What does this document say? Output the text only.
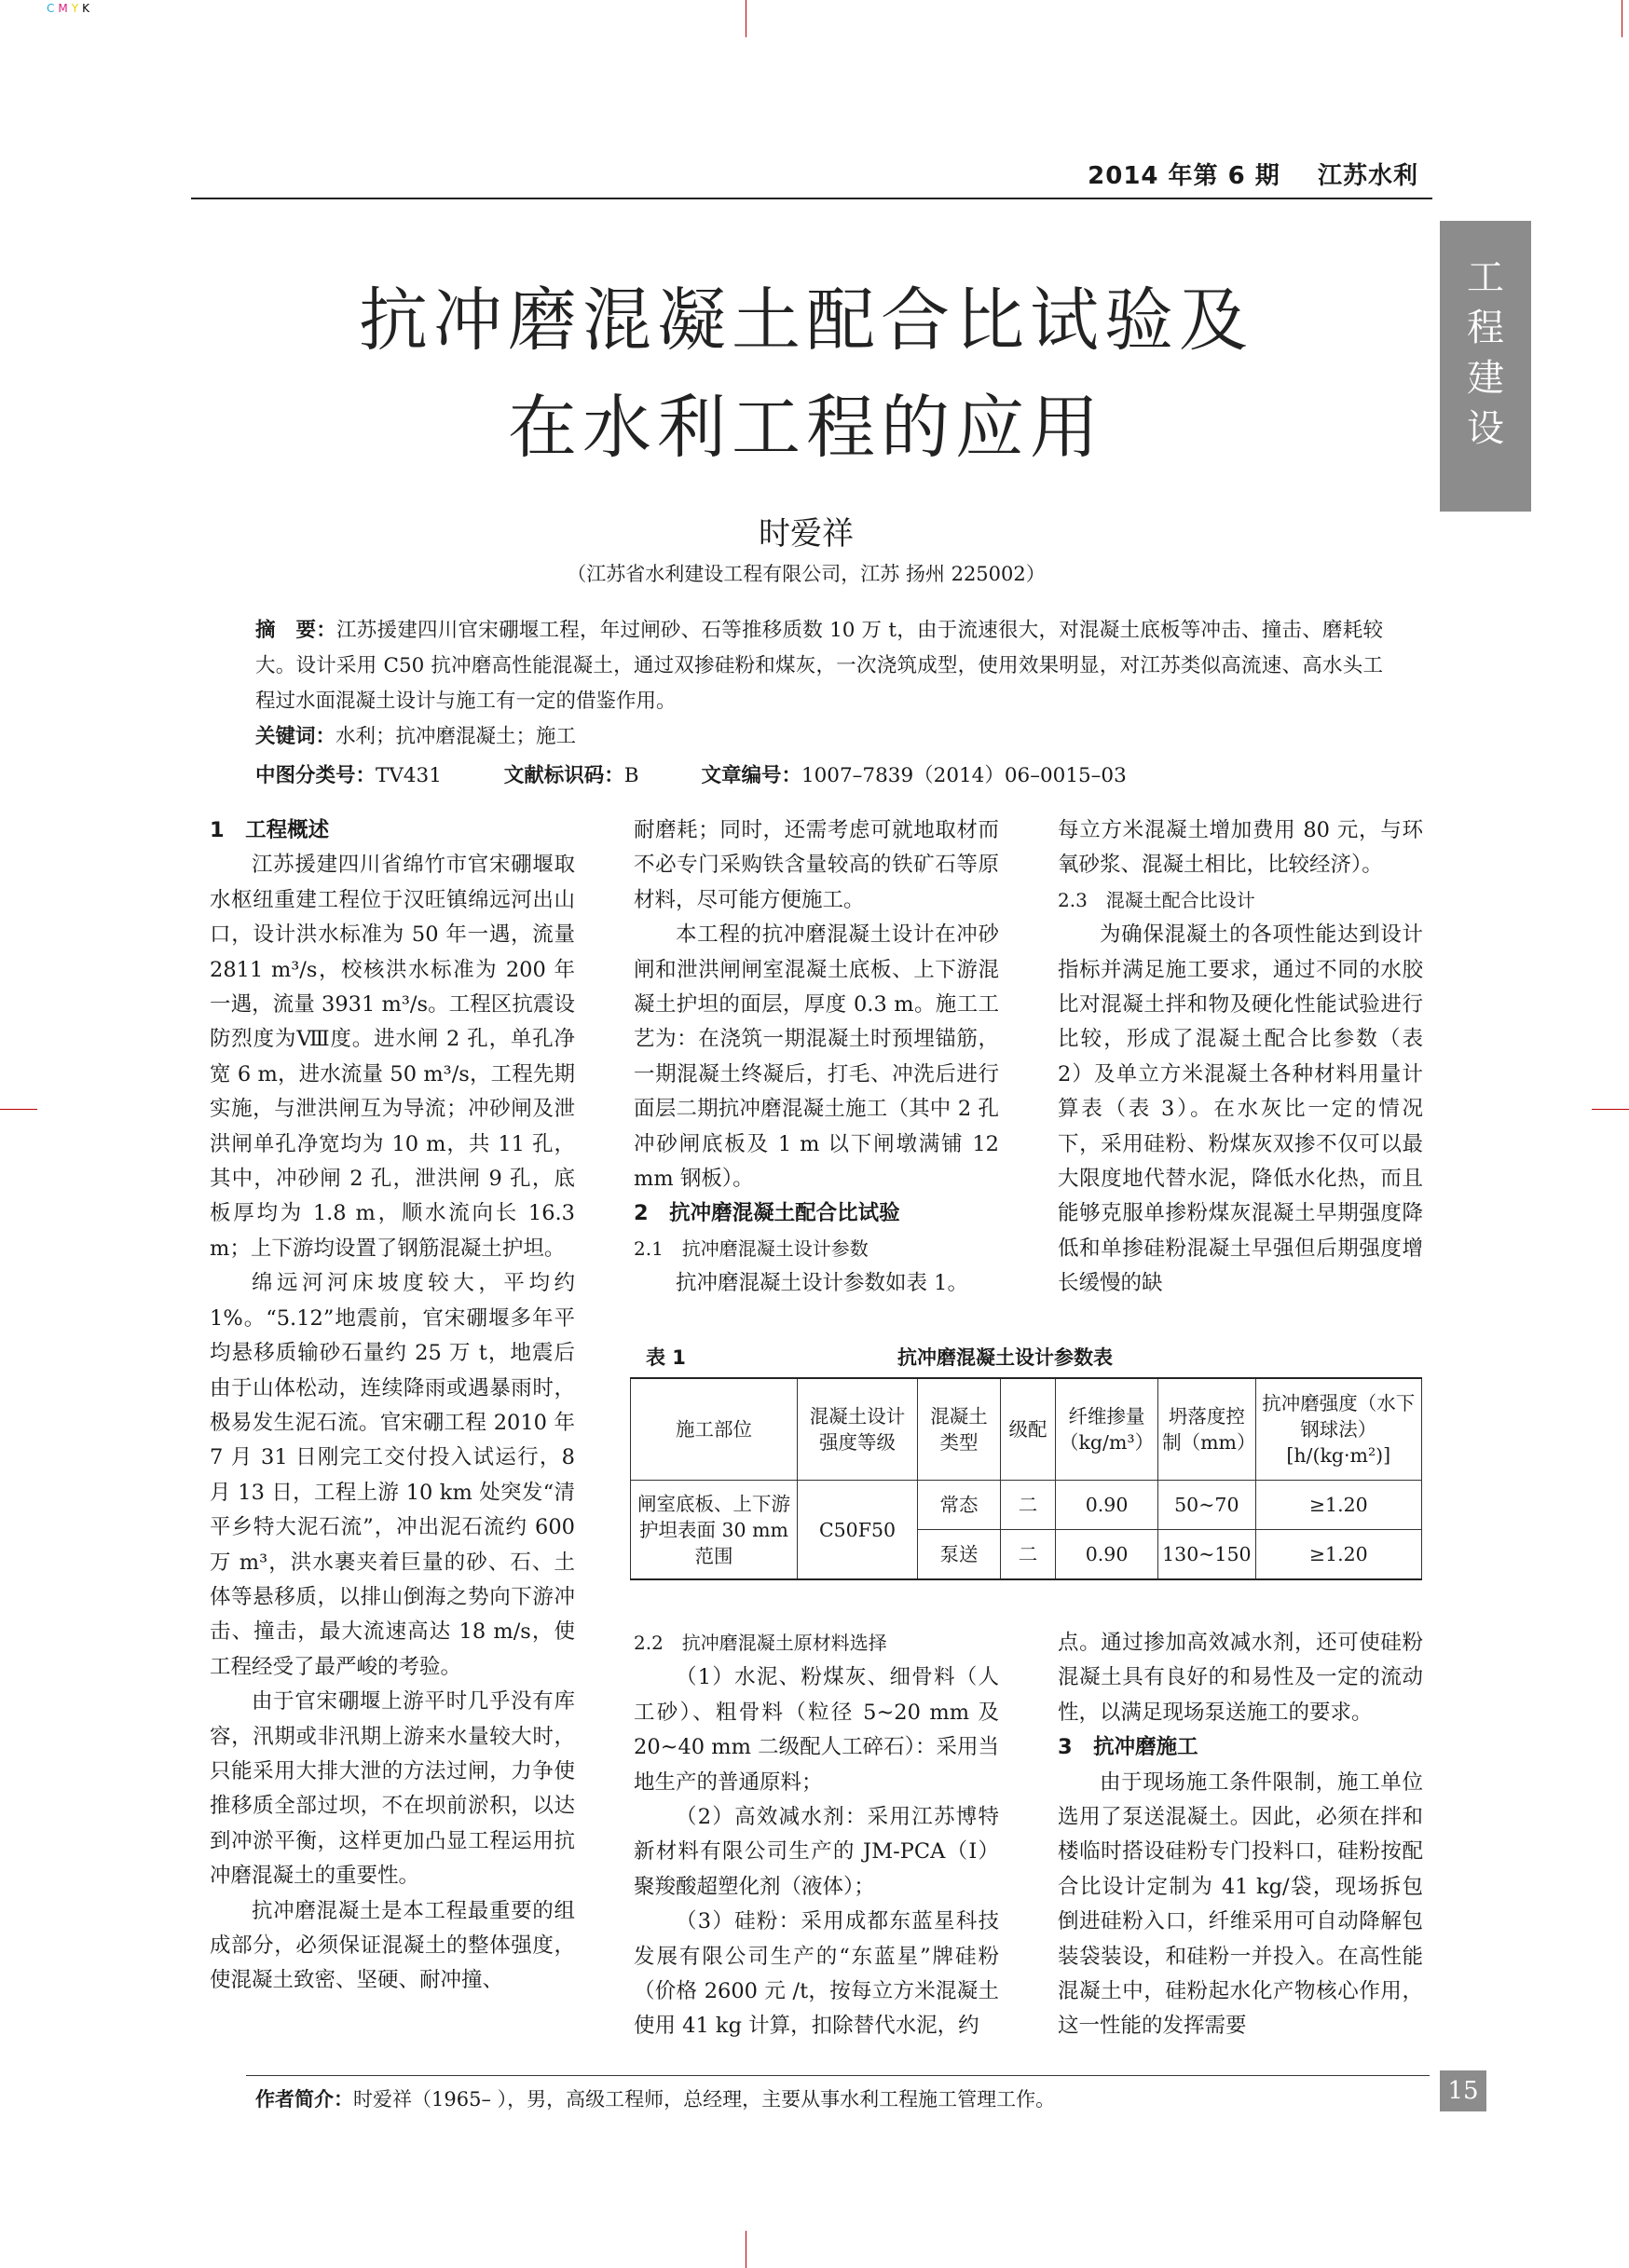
CMYK
2014 年第 6 期 江苏水利
工
程
建
设
抗冲磨混凝土配合比试验及
在水利工程的应用
时爱祥
（江苏省水利建设工程有限公司，江苏 扬州 225002）
摘　要：江苏援建四川官宋硼堰工程，年过闸砂、石等推移质数 10 万 t，由于流速很大，对混凝土底板等冲击、撞击、磨耗较大。设计采用 C50 抗冲磨高性能混凝土，通过双掺硅粉和煤灰，一次浇筑成型，使用效果明显，对江苏类似高流速、高水头工程过水面混凝土设计与施工有一定的借鉴作用。
关键词：水利；抗冲磨混凝土；施工
中图分类号：TV431	文献标识码：B	文章编号：1007–7839（2014）06–0015–03

1　工程概述

江苏援建四川省绵竹市官宋硼堰取水枢纽重建工程位于汉旺镇绵远河出山口，设计洪水标准为 50 年一遇，流量 2811 m³/s，校核洪水标准为 200 年一遇，流量 3931 m³/s。工程区抗震设防烈度为Ⅷ度。进水闸 2 孔，单孔净宽 6 m，进水流量 50 m³/s，工程先期实施，与泄洪闸互为导流；冲砂闸及泄洪闸单孔净宽均为 10 m，共 11 孔，其中，冲砂闸 2 孔，泄洪闸 9 孔，底板厚均为 1.8 m，顺水流向长 16.3 m；上下游均设置了钢筋混凝土护坦。

绵远河河床坡度较大，平均约 1%。“5.12”地震前，官宋硼堰多年平均悬移质输砂石量约 25 万 t，地震后由于山体松动，连续降雨或遇暴雨时，极易发生泥石流。官宋硼工程 2010 年 7 月 31 日刚完工交付投入试运行，8 月 13 日，工程上游 10 km 处突发“清平乡特大泥石流”，冲出泥石流约 600 万 m³，洪水裹夹着巨量的砂、石、土体等悬移质，以排山倒海之势向下游冲击、撞击，最大流速高达 18 m/s，使工程经受了最严峻的考验。

由于官宋硼堰上游平时几乎没有库容，汛期或非汛期上游来水量较大时，只能采用大排大泄的方法过闸，力争使推移质全部过坝，不在坝前淤积，以达到冲淤平衡，这样更加凸显工程运用抗冲磨混凝土的重要性。

抗冲磨混凝土是本工程最重要的组成部分，必须保证混凝土的整体强度，使混凝土致密、坚硬、耐冲撞、

耐磨耗；同时，还需考虑可就地取材而不必专门采购铁含量较高的铁矿石等原材料，尽可能方便施工。

本工程的抗冲磨混凝土设计在冲砂闸和泄洪闸闸室混凝土底板、上下游混凝土护坦的面层，厚度 0.3 m。施工工艺为：在浇筑一期混凝土时预埋锚筋，一期混凝土终凝后，打毛、冲洗后进行面层二期抗冲磨混凝土施工（其中 2 孔冲砂闸底板及 1 m 以下闸墩满铺 12 mm 钢板）。

2　抗冲磨混凝土配合比试验

2.1　抗冲磨混凝土设计参数

抗冲磨混凝土设计参数如表 1。

每立方米混凝土增加费用 80 元，与环氧砂浆、混凝土相比，比较经济）。

2.3　混凝土配合比设计

为确保混凝土的各项性能达到设计指标并满足施工要求，通过不同的水胶比对混凝土拌和物及硬化性能试验进行比较，形成了混凝土配合比参数（表 2）及单立方米混凝土各种材料用量计算表（表 3）。在水灰比一定的情况下，采用硅粉、粉煤灰双掺不仅可以最大限度地代替水泥，降低水化热，而且能够克服单掺粉煤灰混凝土早期强度降低和单掺硅粉混凝土早强但后期强度增长缓慢的缺

表 1	抗冲磨混凝土设计参数表
施工部位	混凝土设计强度等级	混凝土类型	级配	纤维掺量（kg/m³）	坍落度控制（mm）	抗冲磨强度（水下钢球法）[h/(kg·m²)]
闸室底板、上下游护坦表面 30 mm 范围	C50F50	常态	二	0.90	50~70	≥1.20
		泵送	二	0.90	130~150	≥1.20

2.2　抗冲磨混凝土原材料选择

（1）水泥、粉煤灰、细骨料（人工砂）、粗骨料（粒径 5~20 mm 及 20~40 mm 二级配人工碎石）：采用当地生产的普通原料；

（2）高效减水剂：采用江苏博特新材料有限公司生产的 JM-PCA（Ⅰ）聚羧酸超塑化剂（液体）；

（3）硅粉：采用成都东蓝星科技发展有限公司生产的“东蓝星”牌硅粉（价格 2600 元 /t，按每立方米混凝土使用 41 kg 计算，扣除替代水泥，约

点。通过掺加高效减水剂，还可使硅粉混凝土具有良好的和易性及一定的流动性，以满足现场泵送施工的要求。

3　抗冲磨施工

由于现场施工条件限制，施工单位选用了泵送混凝土。因此，必须在拌和楼临时搭设硅粉专门投料口，硅粉按配合比设计定制为 41 kg/袋，现场拆包倒进硅粉入口，纤维采用可自动降解包装袋装设，和硅粉一并投入。在高性能混凝土中，硅粉起水化产物核心作用，这一性能的发挥需要

作者简介：时爱祥（1965– ），男，高级工程师，总经理，主要从事水利工程施工管理工作。	15
